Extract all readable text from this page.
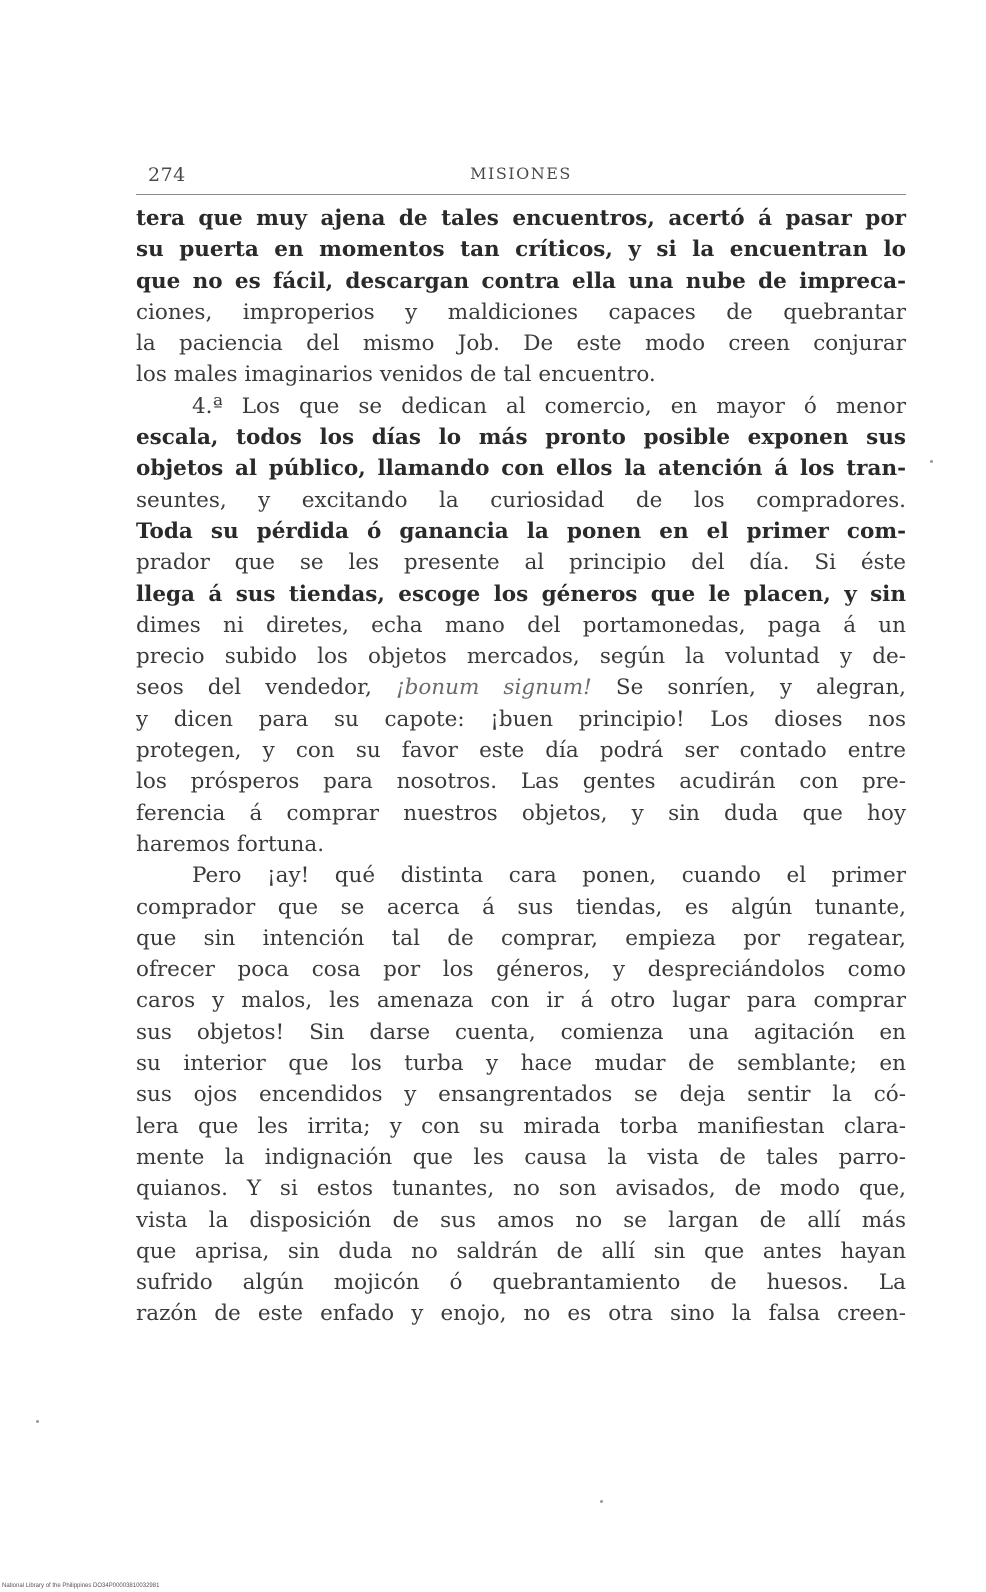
274	MISIONES
tera que muy ajena de tales encuentros, acertó á pasar por
su puerta en momentos tan críticos, y si la encuentran lo
que no es fácil, descargan contra ella una nube de impreca-
ciones, improperios y maldiciones capaces de quebrantar
la paciencia del mismo Job. De este modo creen conjurar
los males imaginarios venidos de tal encuentro.
4.ª Los que se dedican al comercio, en mayor ó menor
escala, todos los días lo más pronto posible exponen sus
objetos al público, llamando con ellos la atención á los tran-
seuntes, y excitando la curiosidad de los compradores.
Toda su pérdida ó ganancia la ponen en el primer com-
prador que se les presente al principio del día. Si éste
llega á sus tiendas, escoge los géneros que le placen, y sin
dimes ni diretes, echa mano del portamonedas, paga á un
precio subido los objetos mercados, según la voluntad y de-
seos del vendedor, ¡bonum signum! Se sonríen, y alegran,
y dicen para su capote: ¡buen principio! Los dioses nos
protegen, y con su favor este día podrá ser contado entre
los prósperos para nosotros. Las gentes acudirán con pre-
ferencia á comprar nuestros objetos, y sin duda que hoy
haremos fortuna.
Pero ¡ay! qué distinta cara ponen, cuando el primer
comprador que se acerca á sus tiendas, es algún tunante,
que sin intención tal de comprar, empieza por regatear,
ofrecer poca cosa por los géneros, y despreciándolos como
caros y malos, les amenaza con ir á otro lugar para comprar
sus objetos! Sin darse cuenta, comienza una agitación en
su interior que los turba y hace mudar de semblante; en
sus ojos encendidos y ensangrentados se deja sentir la có-
lera que les irrita; y con su mirada torba manifiestan clara-
mente la indignación que les causa la vista de tales parro-
quianos. Y si estos tunantes, no son avisados, de modo que,
vista la disposición de sus amos no se largan de allí más
que aprisa, sin duda no saldrán de allí sin que antes hayan
sufrido algún mojicón ó quebrantamiento de huesos. La
razón de este enfado y enojo, no es otra sino la falsa creen-
National Library of the Philippines DO34P00003810032981
